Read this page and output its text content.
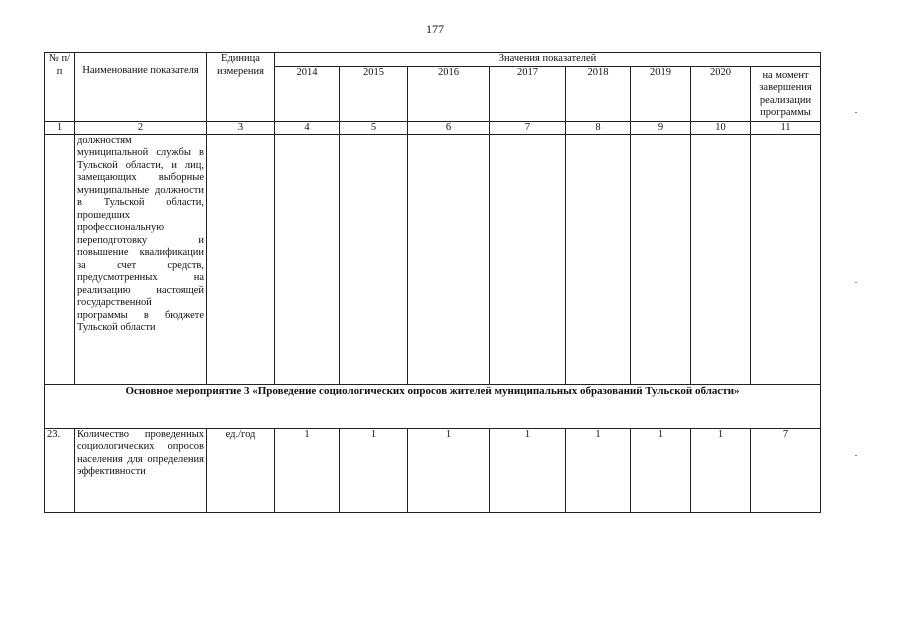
177
№ п/п	Наименование показателя	Единица измерения	Значения показателей							
			2014	2015	2016	2017	2018	2019	2020	на момент завершения реализации программы
1	2	3	4	5	6	7	8	9	10	11
	должностям муниципальной службы в Тульской области, и лиц, замещающих выборные муниципальные должности в Тульской области, прошедших профессиональную переподготовку и повышение квалификации за счет средств, предусмотренных на реализацию настоящей государственной программы в бюджете Тульской области									
Основное мероприятие 3 «Проведение социологических опросов жителей муниципальных образований Тульской области»										
23.	Количество проведенных социологических опросов населения для определения эффективности	ед./год	1	1	1	1	1	1	1	7
